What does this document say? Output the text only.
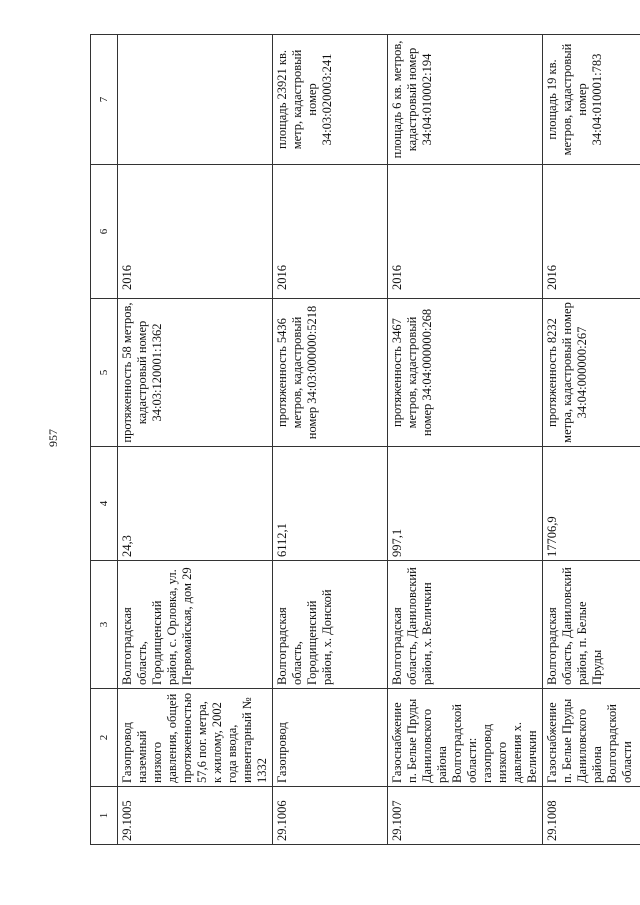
957
1	2	3	4	5	6	7
29.1005	Газопровод наземный низкого давления, общей протяженностью 57,6 пог. метра, к жилому, 2002 года ввода, инвентарный № 1332	Волгоградская область, Городищенский район, с. Орловка, ул. Первомайская, дом 29	24,3	протяженность 58 метров, кадастровый номер 34:03:120001:1362	2016	
29.1006	Газопровод	Волгоградская область, Городищенский район, х. Донской	6112,1	протяженность 5436 метров, кадастровый номер 34:03:000000:5218	2016	площадь 23921 кв. метр, кадастровый номер 34:03:020003:241
29.1007	Газоснабжение п. Белые Пруды Даниловского района Волгоградской области: газопровод низкого давления х. Величкин	Волгоградская область, Даниловский район, х. Величкин	997,1	протяженность 3467 метров, кадастровый номер 34:04:000000:268	2016	площадь 6 кв. метров, кадастровый номер 34:04:010002:194
29.1008	Газоснабжение п. Белые Пруды Даниловского района Волгоградской области	Волгоградская область, Даниловский район, п. Белые Пруды	17706,9	протяженность 8232 метра, кадастровый номер 34:04:000000:267	2016	площадь 19 кв. метров, кадастровый номер 34:04:010001:783
